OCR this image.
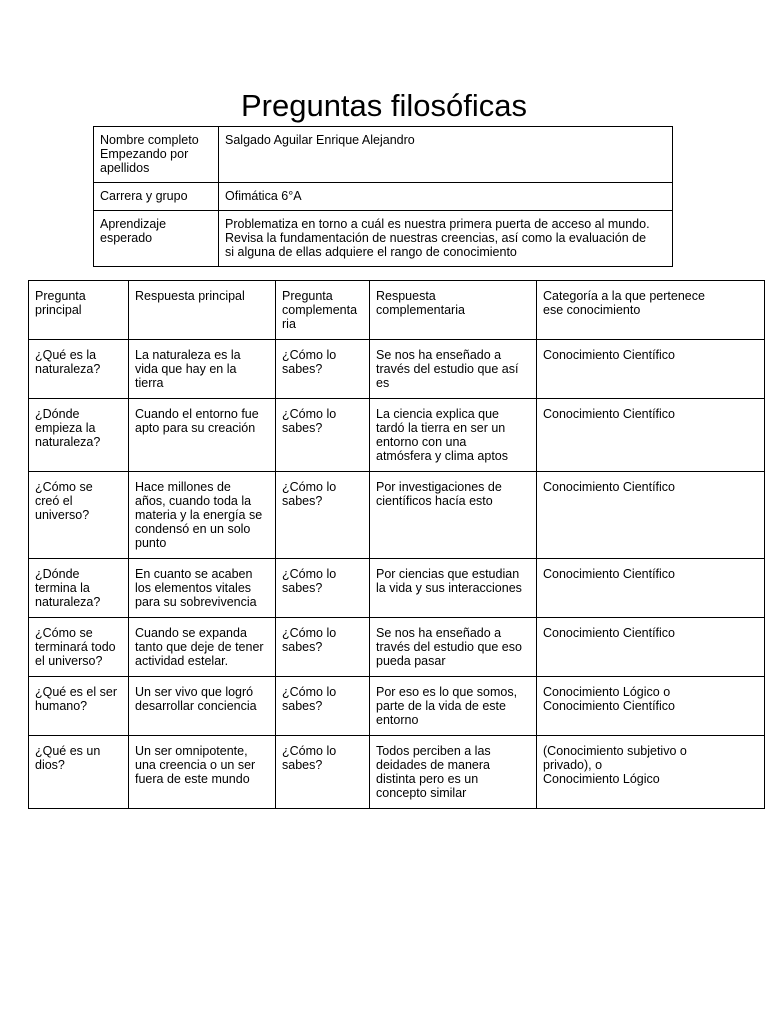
Preguntas filosóficas
Nombre completo
Empezando por
apellidos	Salgado Aguilar Enrique Alejandro
Carrera y grupo	Ofimática 6°A
Aprendizaje
esperado	Problematiza en torno a cuál es nuestra primera puerta de acceso al mundo.
Revisa la fundamentación de nuestras creencias, así como la evaluación de
si alguna de ellas adquiere el rango de conocimiento
Pregunta
principal	Respuesta principal	Pregunta
complementa
ria	Respuesta
complementaria	Categoría a la que pertenece
ese conocimiento
¿Qué es la
naturaleza?	La naturaleza es la
vida que hay en la
tierra	¿Cómo lo
sabes?	Se nos ha enseñado a
través del estudio que así
es	Conocimiento Científico
¿Dónde
empieza la
naturaleza?	Cuando el entorno fue
apto para su creación	¿Cómo lo
sabes?	La ciencia explica que
tardó la tierra en ser un
entorno con una
atmósfera y clima aptos	Conocimiento Científico
¿Cómo se
creó el
universo?	Hace millones de
años, cuando toda la
materia y la energía se
condensó en un solo
punto	¿Cómo lo
sabes?	Por investigaciones de
científicos hacía esto	Conocimiento Científico
¿Dónde
termina la
naturaleza?	En cuanto se acaben
los elementos vitales
para su sobrevivencia	¿Cómo lo
sabes?	Por ciencias que estudian
la vida y sus interacciones	Conocimiento Científico
¿Cómo se
terminará todo
el universo?	Cuando se expanda
tanto que deje de tener
actividad estelar.	¿Cómo lo
sabes?	Se nos ha enseñado a
través del estudio que eso
pueda pasar	Conocimiento Científico
¿Qué es el ser
humano?	Un ser vivo que logró
desarrollar conciencia	¿Cómo lo
sabes?	Por eso es lo que somos,
parte de la vida de este
entorno	Conocimiento Lógico o
Conocimiento Científico
¿Qué es un
dios?	Un ser omnipotente,
una creencia o un ser
fuera de este mundo	¿Cómo lo
sabes?	Todos perciben a las
deidades de manera
distinta pero es un
concepto similar	(Conocimiento subjetivo o
privado), o
Conocimiento Lógico
